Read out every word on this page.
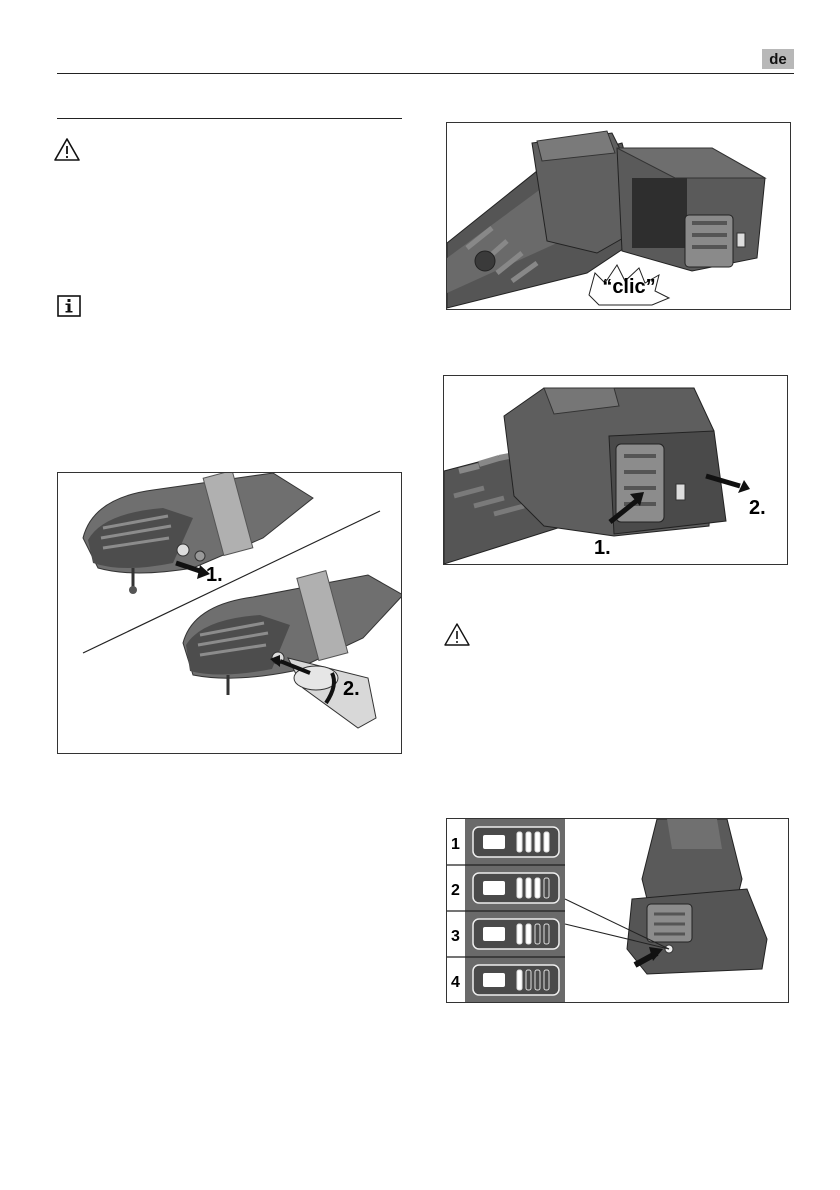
de
1.
2.
“clic”
1.
2.
1
2
3
4
